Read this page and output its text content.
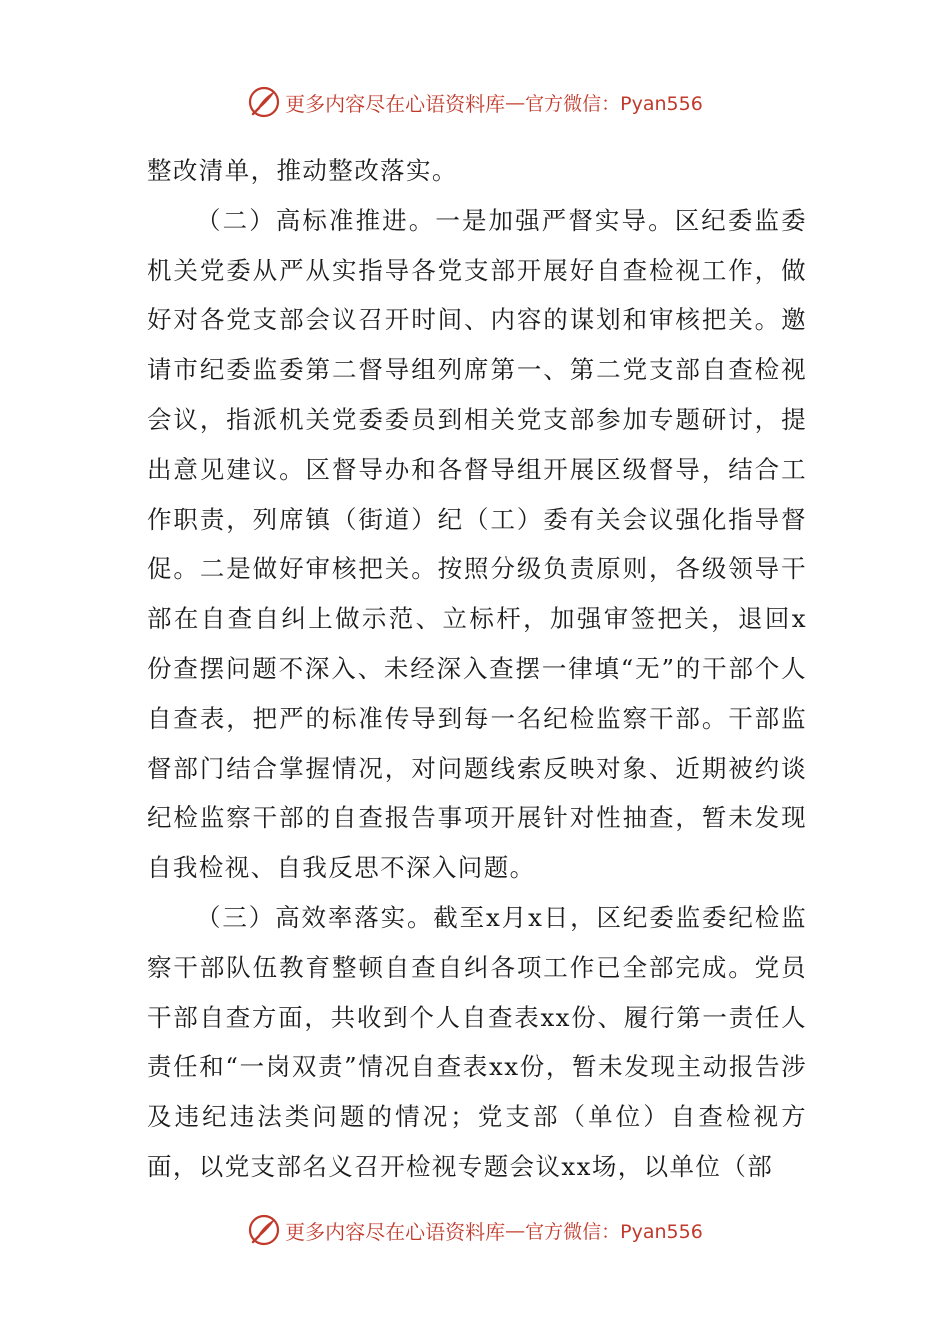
更多内容尽在心语资料库 — 官方微信：Pyan556

整改清单，推动整改落实。

（二）高标准推进。一是加强严督实导。区纪委监委机关党委从严从实指导各党支部开展好自查检视工作，做好对各党支部会议召开时间、内容的谋划和审核把关。邀请市纪委监委第二督导组列席第一、第二党支部自查检视会议，指派机关党委委员到相关党支部参加专题研讨，提出意见建议。区督导办和各督导组开展区级督导，结合工作职责，列席镇（街道）纪（工）委有关会议强化指导督促。二是做好审核把关。按照分级负责原则，各级领导干部在自查自纠上做示范、立标杆，加强审签把关，退回x份查摆问题不深入、未经深入查摆一律填“无”的干部个人自查表，把严的标准传导到每一名纪检监察干部。干部监督部门结合掌握情况，对问题线索反映对象、近期被约谈纪检监察干部的自查报告事项开展针对性抽查，暂未发现自我检视、自我反思不深入问题。

（三）高效率落实。截至x月x日，区纪委监委纪检监察干部队伍教育整顿自查自纠各项工作已全部完成。党员干部自查方面，共收到个人自查表xx份、履行第一责任人责任和“一岗双责”情况自查表xx份，暂未发现主动报告涉及违纪违法类问题的情况；党支部（单位）自查检视方面，以党支部名义召开检视专题会议xx场，以单位（部

更多内容尽在心语资料库 — 官方微信：Pyan556
